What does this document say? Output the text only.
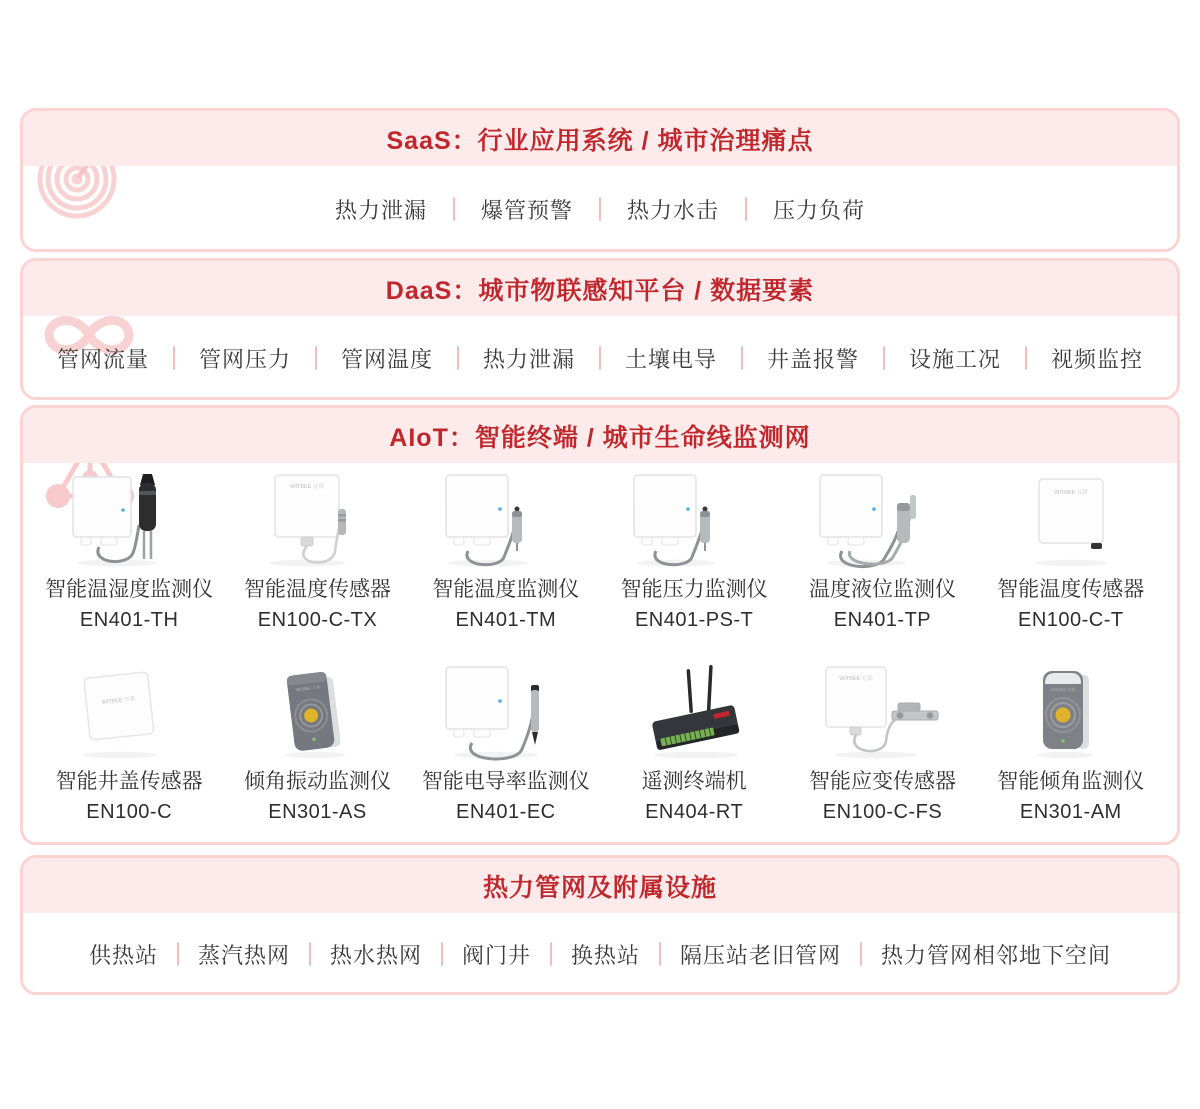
SaaS：行业应用系统 / 城市治理痛点
热力泄漏 爆管预警 热力水击 压力负荷
DaaS：城市物联感知平台 / 数据要素
管网流量 管网压力 管网温度 热力泄漏 土壤电导 井盖报警 设施工况 视频监控
AIoT：智能终端 / 城市生命线监测网
智能温湿度监测仪
EN401-TH
WITBEE 万宾
智能温度传感器
EN100-C-TX
智能温度监测仪
EN401-TM
智能压力监测仪
EN401-PS-T
温度液位监测仪
EN401-TP
WITBEE 万宾
智能温度传感器
EN100-C-T
WITBEE 万宾
智能井盖传感器
EN100-C
WITBEE 万宾
倾角振动监测仪
EN301-AS
智能电导率监测仪
EN401-EC
遥测终端机
EN404-RT
WITBEE 万宾
智能应变传感器
EN100-C-FS
WITBEE 万宾
智能倾角监测仪
EN301-AM
热力管网及附属设施
供热站 蒸汽热网 热水热网 阀门井 换热站 隔压站老旧管网 热力管网相邻地下空间
